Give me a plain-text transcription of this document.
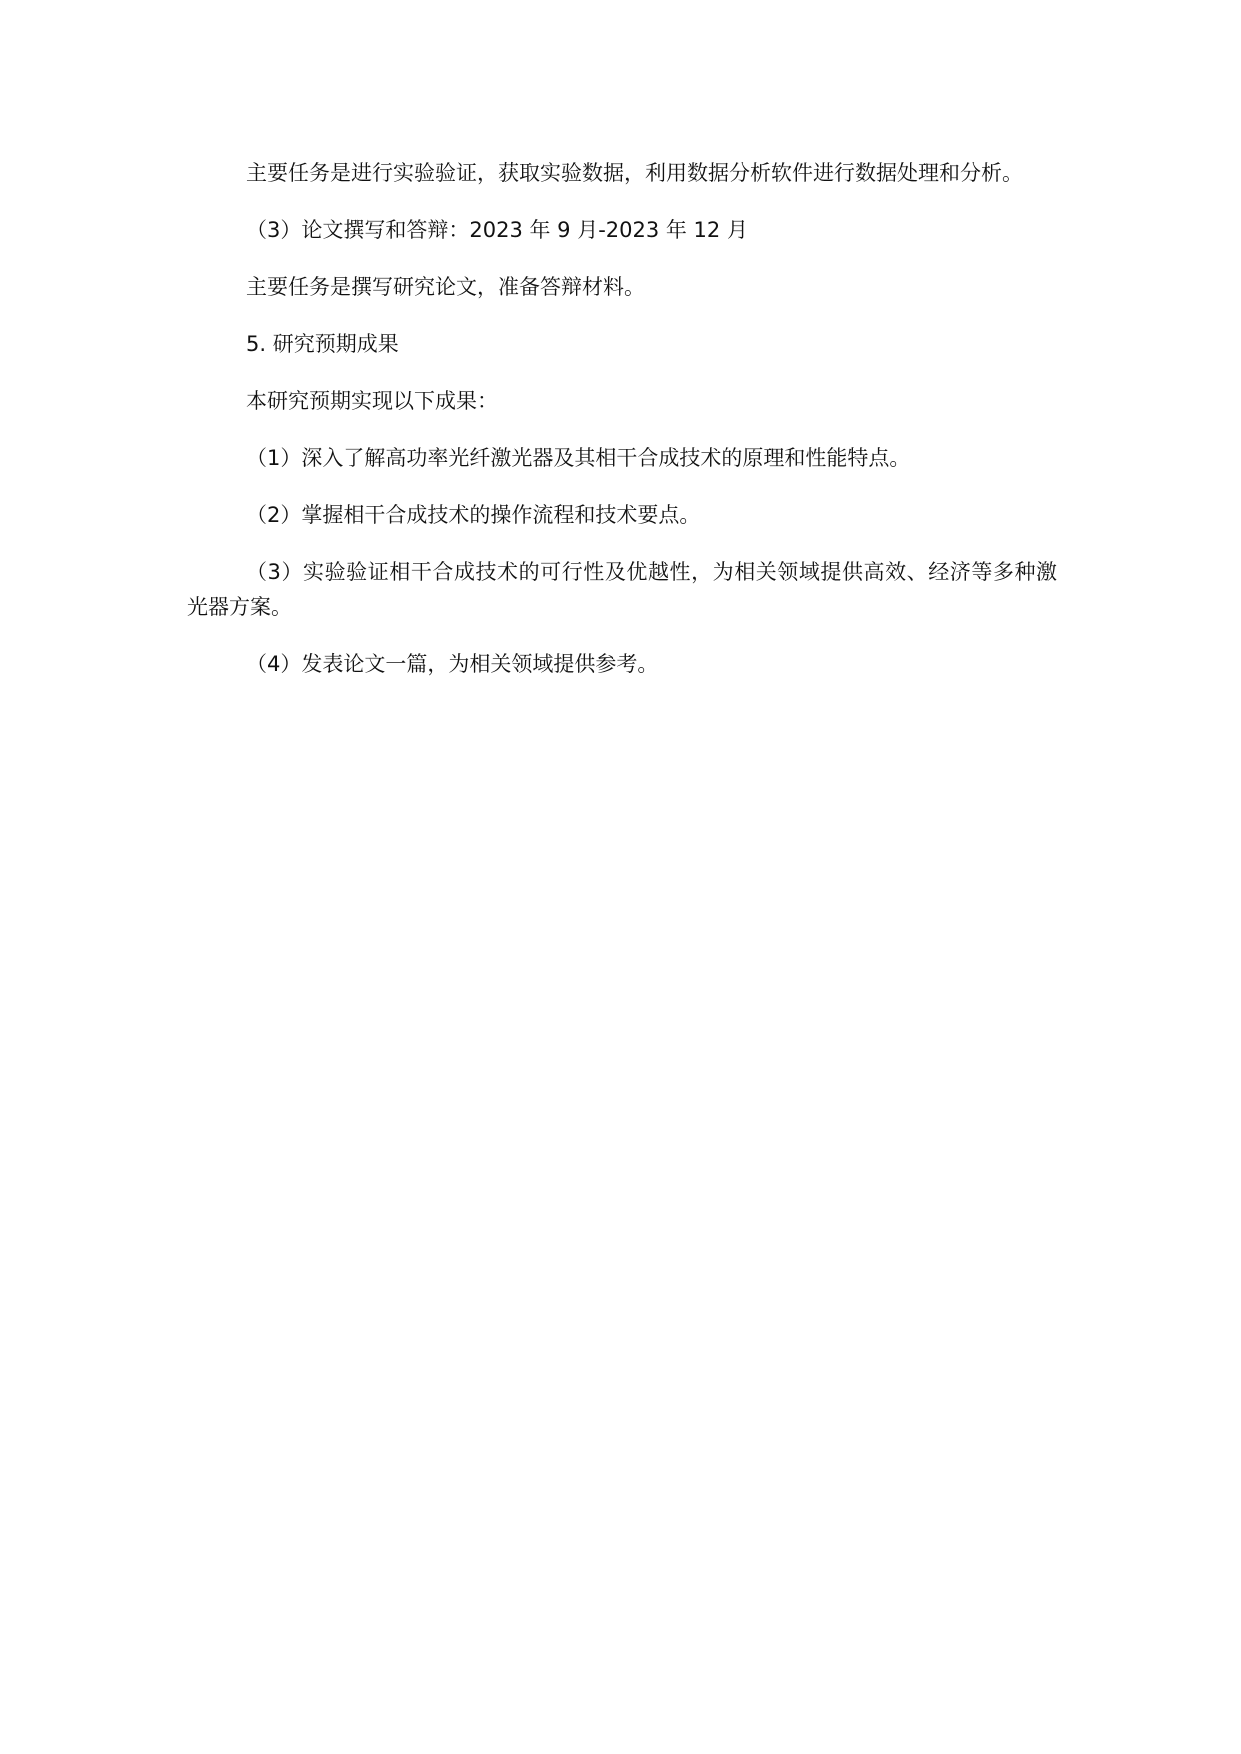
主要任务是进行实验验证，获取实验数据，利用数据分析软件进行数据处理和分析。

（3）论文撰写和答辩：2023 年 9 月-2023 年 12 月

主要任务是撰写研究论文，准备答辩材料。

5. 研究预期成果

本研究预期实现以下成果：

（1）深入了解高功率光纤激光器及其相干合成技术的原理和性能特点。

（2）掌握相干合成技术的操作流程和技术要点。

（3）实验验证相干合成技术的可行性及优越性，为相关领域提供高效、经济等多种激光器方案。

（4）发表论文一篇，为相关领域提供参考。
